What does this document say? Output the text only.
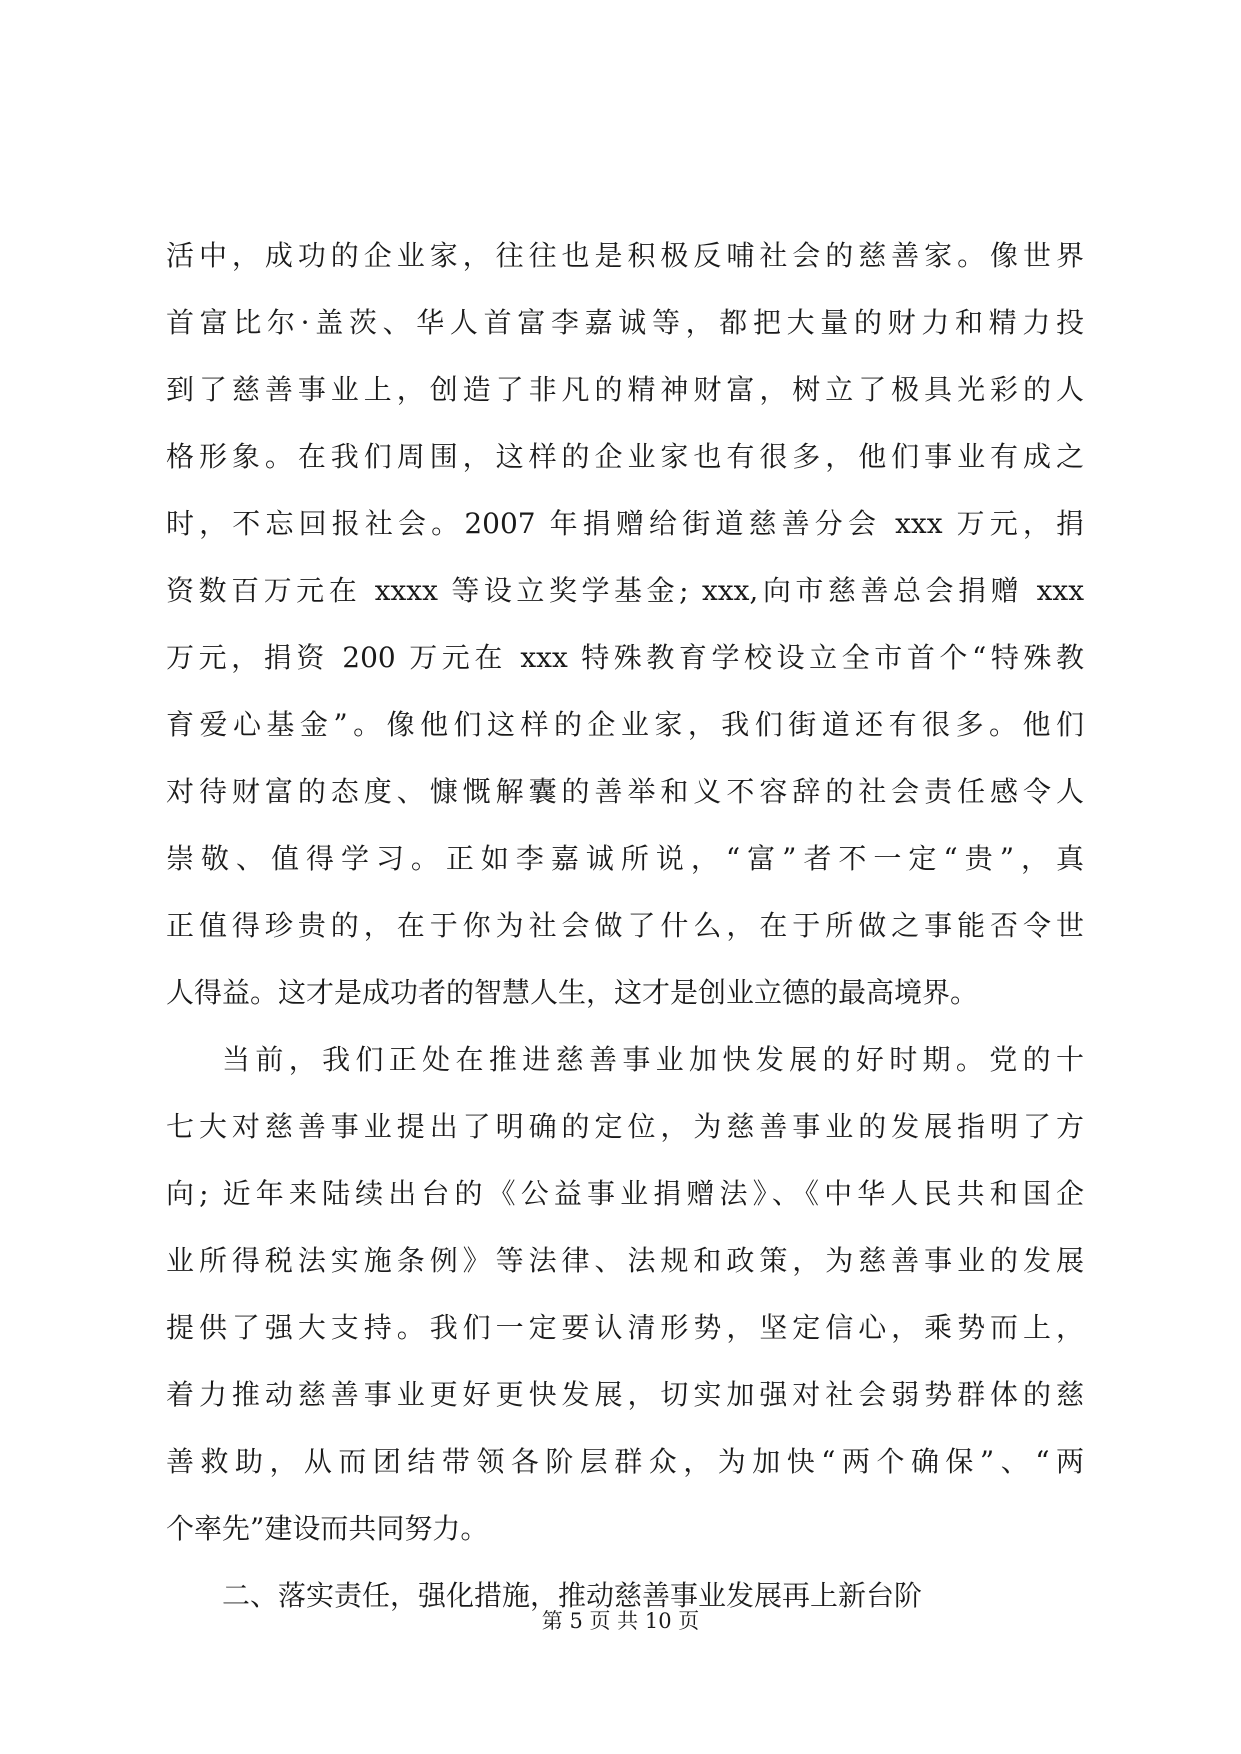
活中，成功的企业家，往往也是积极反哺社会的慈善家。像世界
首富比尔·盖茨、华人首富李嘉诚等，都把大量的财力和精力投
到了慈善事业上，创造了非凡的精神财富，树立了极具光彩的人
格形象。在我们周围，这样的企业家也有很多，他们事业有成之
时，不忘回报社会。2007 年捐赠给街道慈善分会 xxx 万元，捐
资数百万元在 xxxx 等设立奖学基金; xxx,向市慈善总会捐赠 xxx
万元，捐资 200 万元在 xxx 特殊教育学校设立全市首个“特殊教
育爱心基金”。像他们这样的企业家，我们街道还有很多。他们
对待财富的态度、慷慨解囊的善举和义不容辞的社会责任感令人
崇敬、值得学习。正如李嘉诚所说，“富”者不一定“贵”，真
正值得珍贵的，在于你为社会做了什么，在于所做之事能否令世
人得益。这才是成功者的智慧人生，这才是创业立德的最高境界。
当前，我们正处在推进慈善事业加快发展的好时期。党的十
七大对慈善事业提出了明确的定位，为慈善事业的发展指明了方
向; 近年来陆续出台的《公益事业捐赠法》、《中华人民共和国企
业所得税法实施条例》等法律、法规和政策，为慈善事业的发展
提供了强大支持。我们一定要认清形势，坚定信心，乘势而上，
着力推动慈善事业更好更快发展，切实加强对社会弱势群体的慈
善救助，从而团结带领各阶层群众，为加快“两个确保”、“两
个率先”建设而共同努力。
二、落实责任，强化措施，推动慈善事业发展再上新台阶
第 5 页 共 10 页
